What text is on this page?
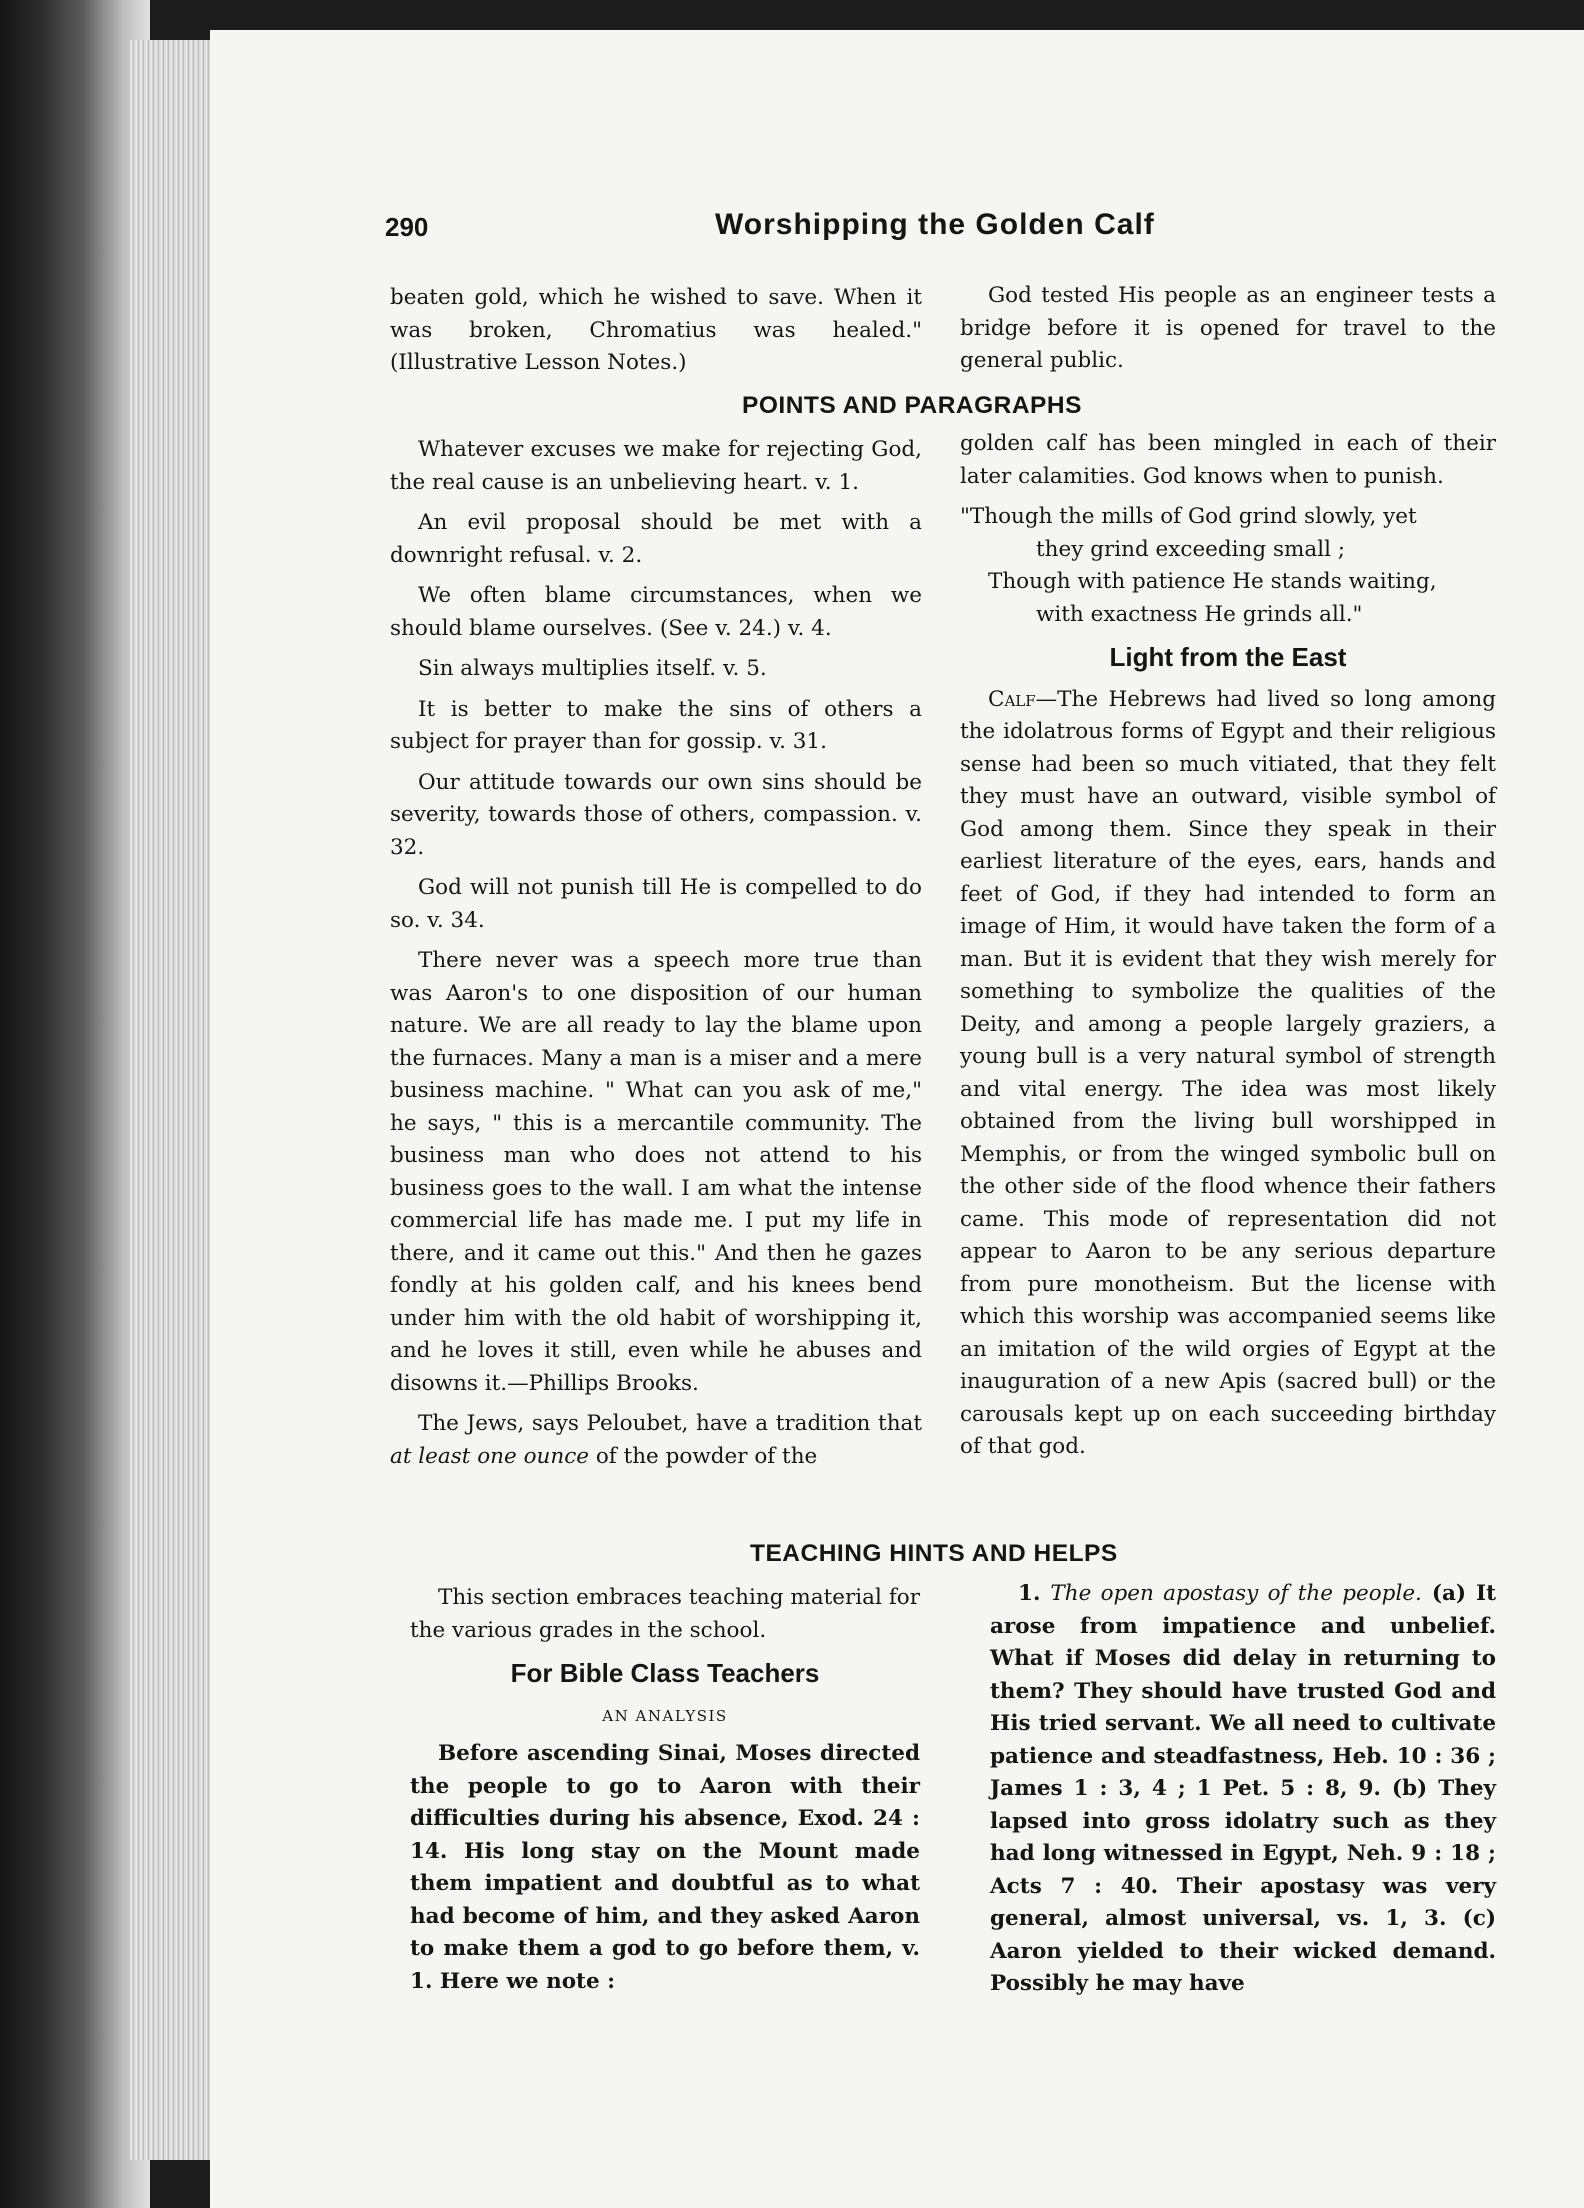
290	Worshipping the Golden Calf

beaten gold, which he wished to save. When it was broken, Chromatius was healed." (Illustrative Lesson Notes.)

God tested His people as an engineer tests a bridge before it is opened for travel to the general public.

POINTS AND PARAGRAPHS

Whatever excuses we make for rejecting God, the real cause is an unbelieving heart. v. 1.

An evil proposal should be met with a downright refusal. v. 2.

We often blame circumstances, when we should blame ourselves. (See v. 24.) v. 4.

Sin always multiplies itself. v. 5.

It is better to make the sins of others a subject for prayer than for gossip. v. 31.

Our attitude towards our own sins should be severity, towards those of others, compassion. v. 32.

God will not punish till He is compelled to do so. v. 34.

There never was a speech more true than was Aaron's to one disposition of our human nature. We are all ready to lay the blame upon the furnaces. Many a man is a miser and a mere business machine. " What can you ask of me," he says, " this is a mercantile community. The business man who does not attend to his business goes to the wall. I am what the intense commercial life has made me. I put my life in there, and it came out this." And then he gazes fondly at his golden calf, and his knees bend under him with the old habit of worshipping it, and he loves it still, even while he abuses and disowns it.—Phillips Brooks.

The Jews, says Peloubet, have a tradition that at least one ounce of the powder of the

golden calf has been mingled in each of their later calamities. God knows when to punish.

"Though the mills of God grind slowly, yet
they grind exceeding small ;
Though with patience He stands waiting,
with exactness He grinds all."
Light from the East

Calf—The Hebrews had lived so long among the idolatrous forms of Egypt and their religious sense had been so much vitiated, that they felt they must have an outward, visible symbol of God among them. Since they speak in their earliest literature of the eyes, ears, hands and feet of God, if they had intended to form an image of Him, it would have taken the form of a man. But it is evident that they wish merely for something to symbolize the qualities of the Deity, and among a people largely graziers, a young bull is a very natural symbol of strength and vital energy. The idea was most likely obtained from the living bull worshipped in Memphis, or from the winged symbolic bull on the other side of the flood whence their fathers came. This mode of representation did not appear to Aaron to be any serious departure from pure monotheism. But the license with which this worship was accompanied seems like an imitation of the wild orgies of Egypt at the inauguration of a new Apis (sacred bull) or the carousals kept up on each succeeding birthday of that god.

TEACHING HINTS AND HELPS

This section embraces teaching material for the various grades in the school.

For Bible Class Teachers
AN ANALYSIS

Before ascending Sinai, Moses directed the people to go to Aaron with their difficulties during his absence, Exod. 24 : 14. His long stay on the Mount made them impatient and doubtful as to what had become of him, and they asked Aaron to make them a god to go before them, v. 1. Here we note :

1. The open apostasy of the people. (a) It arose from impatience and unbelief. What if Moses did delay in returning to them? They should have trusted God and His tried servant. We all need to cultivate patience and steadfastness, Heb. 10 : 36 ; James 1 : 3, 4 ; 1 Pet. 5 : 8, 9. (b) They lapsed into gross idolatry such as they had long witnessed in Egypt, Neh. 9 : 18 ; Acts 7 : 40. Their apostasy was very general, almost universal, vs. 1, 3. (c) Aaron yielded to their wicked demand. Possibly he may have
